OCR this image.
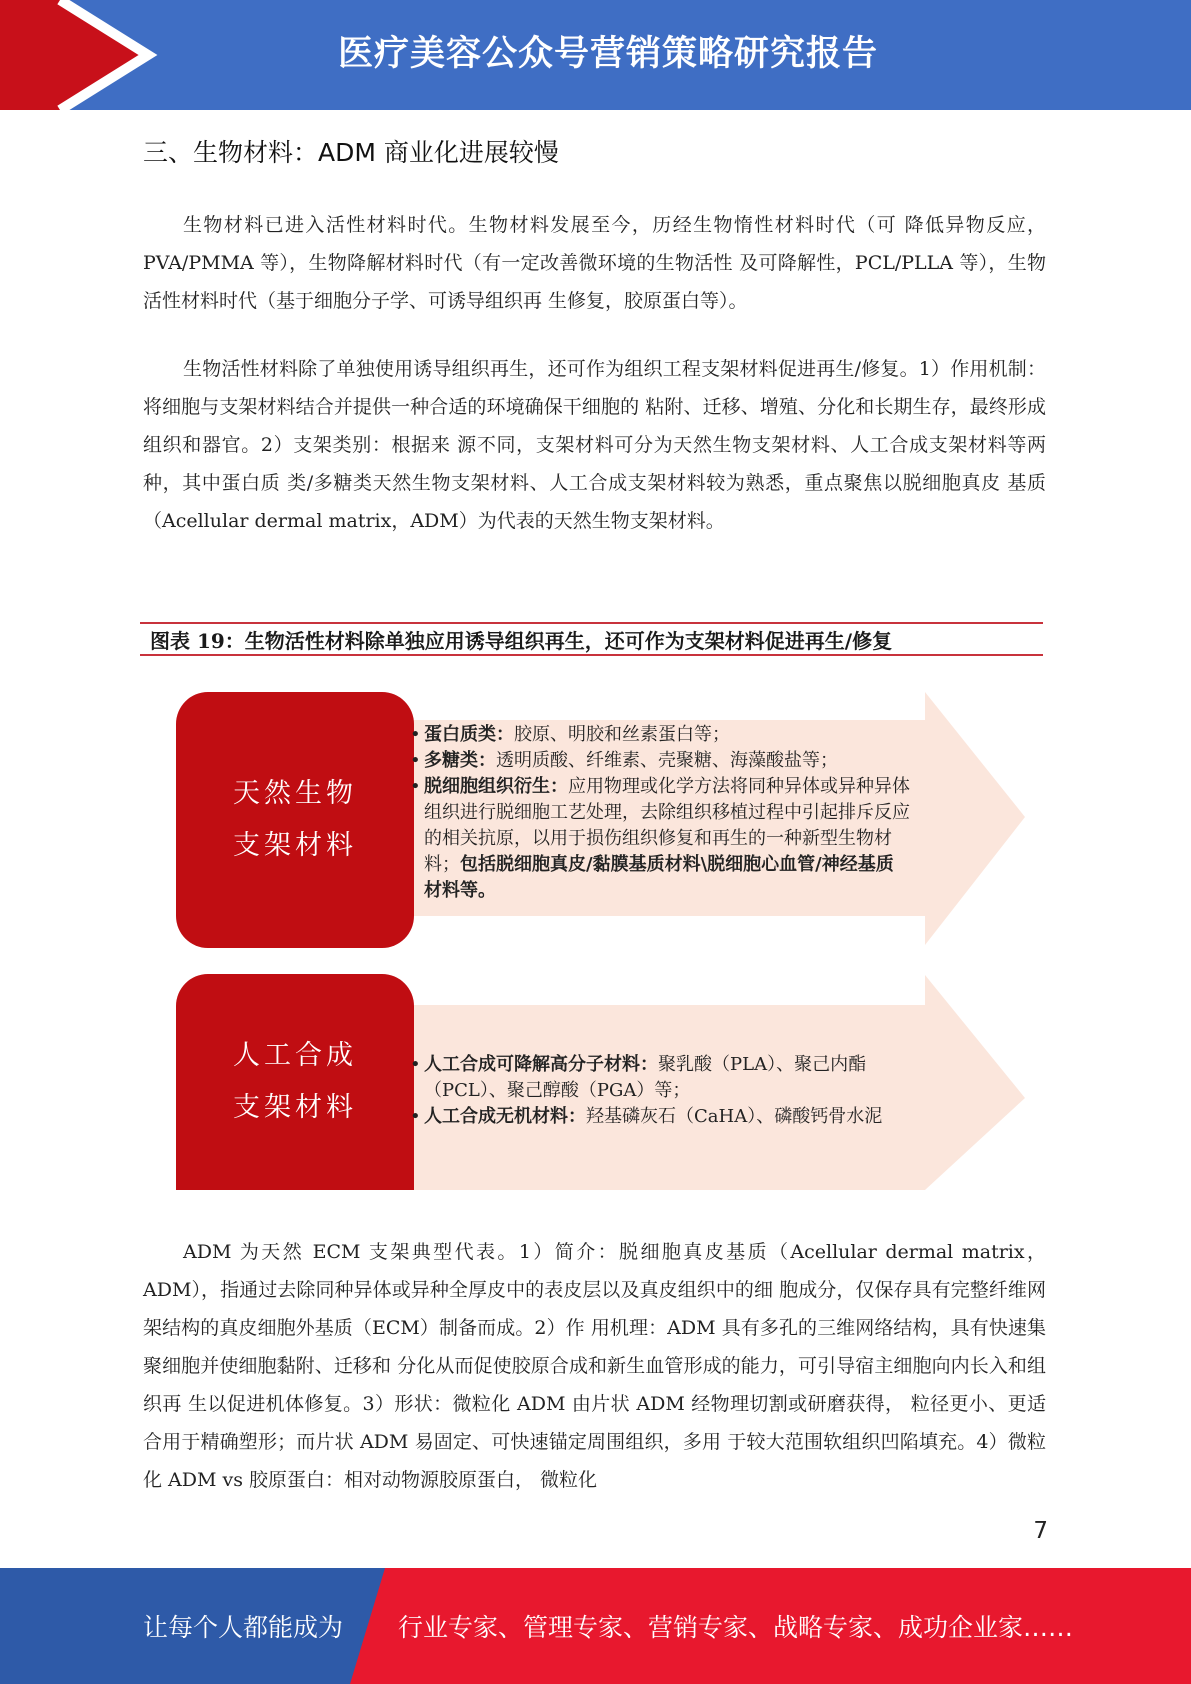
医疗美容公众号营销策略研究报告
三、生物材料：ADM 商业化进展较慢

生物材料已进入活性材料时代。生物材料发展至今，历经生物惰性材料时代（可 降低异物反应，PVA/PMMA 等），生物降解材料时代（有一定改善微环境的生物活性 及可降解性，PCL/PLLA 等），生物活性材料时代（基于细胞分子学、可诱导组织再 生修复，胶原蛋白等）。

生物活性材料除了单独使用诱导组织再生，还可作为组织工程支架材料促进再生/修复。1）作用机制：将细胞与支架材料结合并提供一种合适的环境确保干细胞的 粘附、迁移、增殖、分化和长期生存，最终形成组织和器官。2）支架类别：根据来 源不同，支架材料可分为天然生物支架材料、人工合成支架材料等两种，其中蛋白质 类/多糖类天然生物支架材料、人工合成支架材料较为熟悉，重点聚焦以脱细胞真皮 基质（Acellular dermal matrix，ADM）为代表的天然生物支架材料。

图表 19：生物活性材料除单独应用诱导组织再生，还可作为支架材料促进再生/修复
天然生物
支架材料
• 蛋白质类：胶原、明胶和丝素蛋白等；
• 多糖类：透明质酸、纤维素、壳聚糖、海藻酸盐等；
• 脱细胞组织衍生：应用物理或化学方法将同种异体或异种异体组织进行脱细胞工艺处理，去除组织移植过程中引起排斥反应的相关抗原，以用于损伤组织修复和再生的一种新型生物材料；包括脱细胞真皮/黏膜基质材料\脱细胞心血管/神经基质材料等。
人工合成
支架材料
• 人工合成可降解高分子材料：聚乳酸（PLA）、聚己内酯（PCL）、聚己醇酸（PGA）等；
• 人工合成无机材料：羟基磷灰石（CaHA）、磷酸钙骨水泥

ADM 为天然 ECM 支架典型代表。1）简介：脱细胞真皮基质（Acellular dermal matrix，ADM），指通过去除同种异体或异种全厚皮中的表皮层以及真皮组织中的细 胞成分，仅保存具有完整纤维网架结构的真皮细胞外基质（ECM）制备而成。2）作 用机理：ADM 具有多孔的三维网络结构，具有快速集聚细胞并使细胞黏附、迁移和 分化从而促使胶原合成和新生血管形成的能力，可引导宿主细胞向内长入和组织再 生以促进机体修复。3）形状：微粒化 ADM 由片状 ADM 经物理切割或研磨获得， 粒径更小、更适合用于精确塑形；而片状 ADM 易固定、可快速锚定周围组织，多用 于较大范围软组织凹陷填充。4）微粒化 ADM vs 胶原蛋白：相对动物源胶原蛋白， 微粒化

7
让每个人都能成为 行业专家、管理专家、营销专家、战略专家、成功企业家……
